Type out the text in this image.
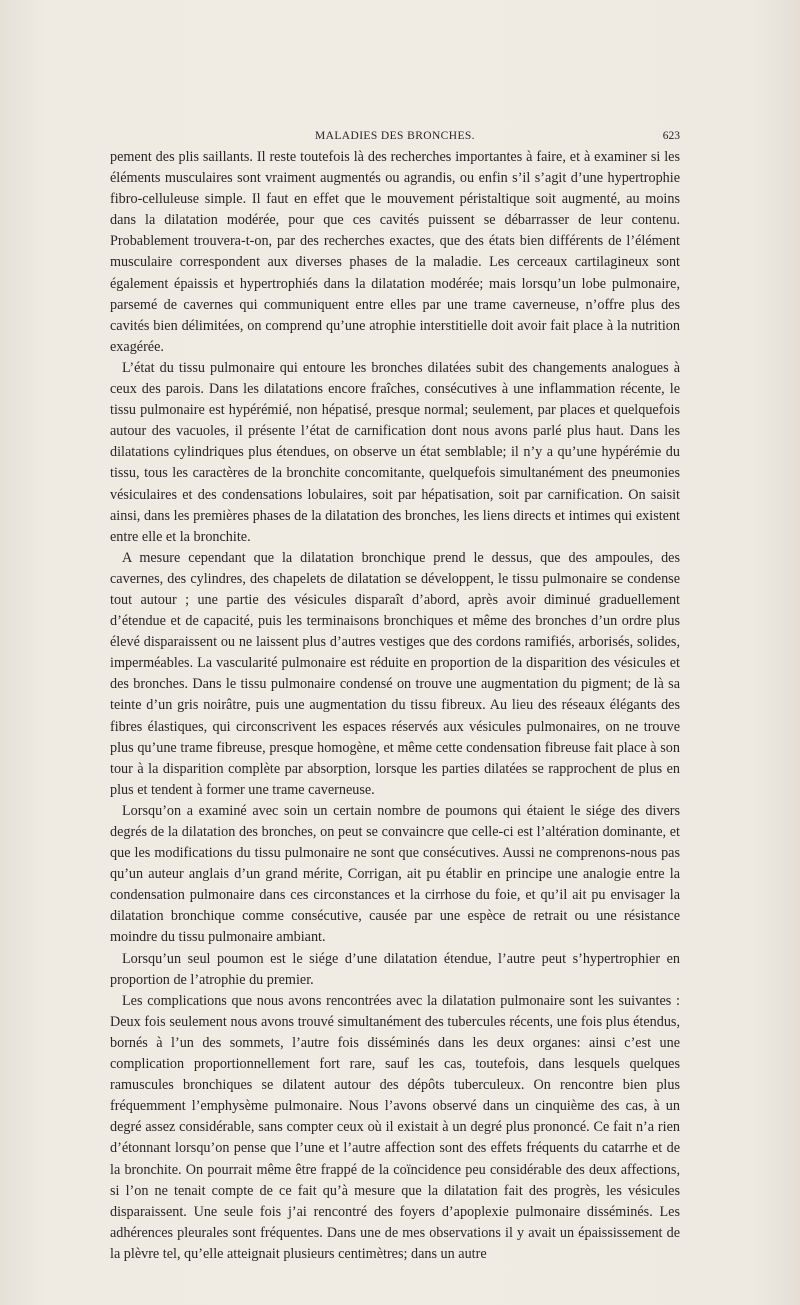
MALADIES DES BRONCHES.	623

pement des plis saillants. Il reste toutefois là des recherches importantes à faire, et à examiner si les éléments musculaires sont vraiment augmentés ou agrandis, ou enfin s’il s’agit d’une hypertrophie fibro-celluleuse simple. Il faut en effet que le mouvement péristaltique soit augmenté, au moins dans la dilatation modérée, pour que ces cavités puissent se débarrasser de leur contenu. Probablement trouvera-t-on, par des recherches exactes, que des états bien différents de l’élément musculaire correspondent aux diverses phases de la maladie. Les cerceaux cartilagineux sont également épaissis et hypertrophiés dans la dilatation modérée; mais lorsqu’un lobe pulmonaire, parsemé de cavernes qui communiquent entre elles par une trame caverneuse, n’offre plus des cavités bien délimitées, on comprend qu’une atrophie interstitielle doit avoir fait place à la nutrition exagérée.

L’état du tissu pulmonaire qui entoure les bronches dilatées subit des changements analogues à ceux des parois. Dans les dilatations encore fraîches, consécutives à une inflammation récente, le tissu pulmonaire est hypérémié, non hépatisé, presque normal; seulement, par places et quelquefois autour des vacuoles, il présente l’état de carnification dont nous avons parlé plus haut. Dans les dilatations cylindriques plus étendues, on observe un état semblable; il n’y a qu’une hypérémie du tissu, tous les caractères de la bronchite concomitante, quelquefois simultanément des pneumonies vésiculaires et des condensations lobulaires, soit par hépatisation, soit par carnification. On saisit ainsi, dans les premières phases de la dilatation des bronches, les liens directs et intimes qui existent entre elle et la bronchite.

A mesure cependant que la dilatation bronchique prend le dessus, que des ampoules, des cavernes, des cylindres, des chapelets de dilatation se développent, le tissu pulmonaire se condense tout autour ; une partie des vésicules disparaît d’abord, après avoir diminué graduellement d’étendue et de capacité, puis les terminaisons bronchiques et même des bronches d’un ordre plus élevé disparaissent ou ne laissent plus d’autres vestiges que des cordons ramifiés, arborisés, solides, imperméables. La vascularité pulmonaire est réduite en proportion de la disparition des vésicules et des bronches. Dans le tissu pulmonaire condensé on trouve une augmentation du pigment; de là sa teinte d’un gris noirâtre, puis une augmentation du tissu fibreux. Au lieu des réseaux élégants des fibres élastiques, qui circonscrivent les espaces réservés aux vésicules pulmonaires, on ne trouve plus qu’une trame fibreuse, presque homogène, et même cette condensation fibreuse fait place à son tour à la disparition complète par absorption, lorsque les parties dilatées se rapprochent de plus en plus et tendent à former une trame caverneuse.

Lorsqu’on a examiné avec soin un certain nombre de poumons qui étaient le siége des divers degrés de la dilatation des bronches, on peut se convaincre que celle-ci est l’altération dominante, et que les modifications du tissu pulmonaire ne sont que consécutives. Aussi ne comprenons-nous pas qu’un auteur anglais d’un grand mérite, Corrigan, ait pu établir en principe une analogie entre la condensation pulmonaire dans ces circonstances et la cirrhose du foie, et qu’il ait pu envisager la dilatation bronchique comme consécutive, causée par une espèce de retrait ou une résistance moindre du tissu pulmonaire ambiant.

Lorsqu’un seul poumon est le siége d’une dilatation étendue, l’autre peut s’hypertrophier en proportion de l’atrophie du premier.

Les complications que nous avons rencontrées avec la dilatation pulmonaire sont les suivantes : Deux fois seulement nous avons trouvé simultanément des tubercules récents, une fois plus étendus, bornés à l’un des sommets, l’autre fois disséminés dans les deux organes: ainsi c’est une complication proportionnellement fort rare, sauf les cas, toutefois, dans lesquels quelques ramuscules bronchiques se dilatent autour des dépôts tuberculeux. On rencontre bien plus fréquemment l’emphysème pulmonaire. Nous l’avons observé dans un cinquième des cas, à un degré assez considérable, sans compter ceux où il existait à un degré plus prononcé. Ce fait n’a rien d’étonnant lorsqu’on pense que l’une et l’autre affection sont des effets fréquents du catarrhe et de la bronchite. On pourrait même être frappé de la coïncidence peu considérable des deux affections, si l’on ne tenait compte de ce fait qu’à mesure que la dilatation fait des progrès, les vésicules disparaissent. Une seule fois j’ai rencontré des foyers d’apoplexie pulmonaire disséminés. Les adhérences pleurales sont fréquentes. Dans une de mes observations il y avait un épaississement de la plèvre tel, qu’elle atteignait plusieurs centimètres; dans un autre
